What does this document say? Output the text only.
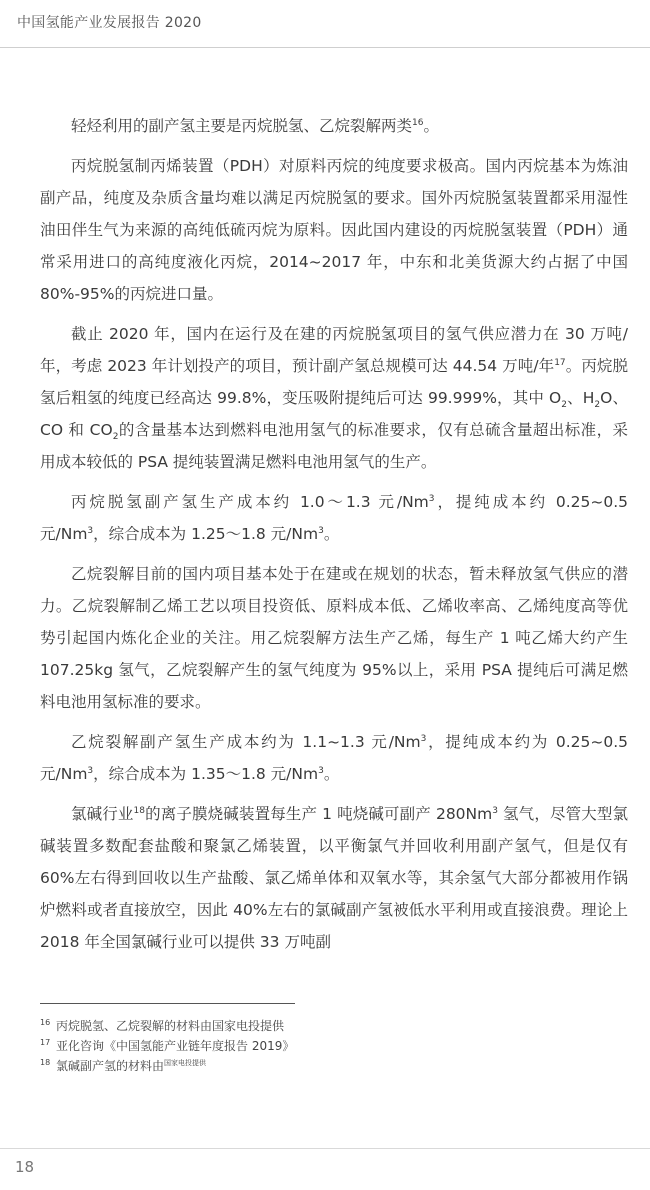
中国氢能产业发展报告 2020

轻烃利用的副产氢主要是丙烷脱氢、乙烷裂解两类$^{16}$。

丙烷脱氢制丙烯装置（PDH）对原料丙烷的纯度要求极高。国内丙烷基本为炼油副产品，纯度及杂质含量均难以满足丙烷脱氢的要求。国外丙烷脱氢装置都采用湿性油田伴生气为来源的高纯低硫丙烷为原料。因此国内建设的丙烷脱氢装置（PDH）通常采用进口的高纯度液化丙烷，2014~2017 年，中东和北美货源大约占据了中国 80%-95%的丙烷进口量。

截止 2020 年，国内在运行及在建的丙烷脱氢项目的氢气供应潜力在 30 万吨/年，考虑 2023 年计划投产的项目，预计副产氢总规模可达 44.54 万吨/年$^{17}$。丙烷脱氢后粗氢的纯度已经高达 99.8%，变压吸附提纯后可达 99.999%，其中 $O_2$、$H_2O$、CO 和 $CO_2$的含量基本达到燃料电池用氢气的标准要求，仅有总硫含量超出标准，采用成本较低的 PSA 提纯装置满足燃料电池用氢气的生产。

丙烷脱氢副产氢生产成本约 1.0～1.3 元/Nm$^3$，提纯成本约 0.25~0.5 元/Nm$^3$，综合成本为 1.25～1.8 元/Nm$^3$。

乙烷裂解目前的国内项目基本处于在建或在规划的状态，暂未释放氢气供应的潜力。乙烷裂解制乙烯工艺以项目投资低、原料成本低、乙烯收率高、乙烯纯度高等优势引起国内炼化企业的关注。用乙烷裂解方法生产乙烯，每生产 1 吨乙烯大约产生 107.25kg 氢气，乙烷裂解产生的氢气纯度为 95%以上，采用 PSA 提纯后可满足燃料电池用氢标准的要求。

乙烷裂解副产氢生产成本约为 1.1~1.3 元/Nm$^3$，提纯成本约为 0.25~0.5 元/Nm$^3$，综合成本为 1.35～1.8 元/Nm$^3$。

氯碱行业$^{18}$的离子膜烧碱装置每生产 1 吨烧碱可副产 280Nm$^3$ 氢气，尽管大型氯碱装置多数配套盐酸和聚氯乙烯装置，以平衡氯气并回收利用副产氢气，但是仅有 60%左右得到回收以生产盐酸、氯乙烯单体和双氧水等，其余氢气大部分都被用作锅炉燃料或者直接放空，因此 40%左右的氯碱副产氢被低水平利用或直接浪费。理论上 2018 年全国氯碱行业可以提供 33 万吨副

16 丙烷脱氢、乙烷裂解的材料由国家电投提供

17 亚化咨询《中国氢能产业链年度报告 2019》

18 氯碱副产氢的材料由$^{国家电投提供}$

18
